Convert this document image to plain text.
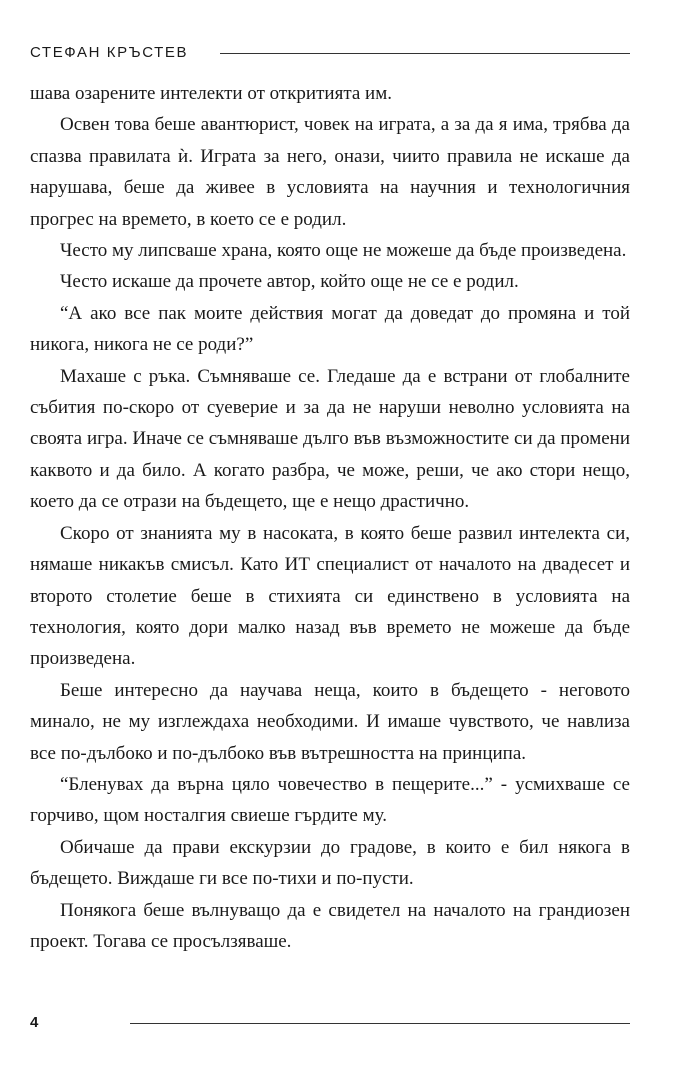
СТЕФАН КРЪСТЕВ

шава озарените интелекти от откритията им.

Освен това беше авантюрист, човек на играта, а за да я има, трябва да спазва правилата ѝ. Играта за него, онази, чиито правила не искаше да нарушава, беше да живее в условията на научния и технологичния прогрес на времето, в което се е родил.

Често му липсваше храна, която още не можеше да бъде произведена.

Често искаше да прочете автор, който още не се е родил.

“А ако все пак моите действия могат да доведат до промяна и той никога, никога не се роди?”

Махаше с ръка. Съмняваше се. Гледаше да е встрани от глобалните събития по-скоро от суеверие и за да не наруши неволно условията на своята игра. Иначе се съмняваше дълго във възможностите си да промени каквото и да било. А когато разбра, че може, реши, че ако стори нещо, което да се отрази на бъдещето, ще е нещо драстично.

Скоро от знанията му в насоката, в която беше развил интелекта си, нямаше никакъв смисъл. Като ИТ специалист от началото на двадесет и второто столетие беше в стихията си единствено в условията на технология, която дори малко назад във времето не можеше да бъде произведена.

Беше интересно да научава неща, които в бъдещето - неговото минало, не му изглеждаха необходими. И имаше чувството, че навлиза все по-дълбоко и по-дълбоко във вътрешността на принципа.

“Бленувах да върна цяло човечество в пещерите...” - усмихваше се горчиво, щом носталгия свиеше гърдите му.

Обичаше да прави екскурзии до градове, в които е бил някога в бъдещето. Виждаше ги все по-тихи и по-пусти.

Понякога беше вълнуващо да е свидетел на началото на грандиозен проект. Тогава се просълзяваше.

4
